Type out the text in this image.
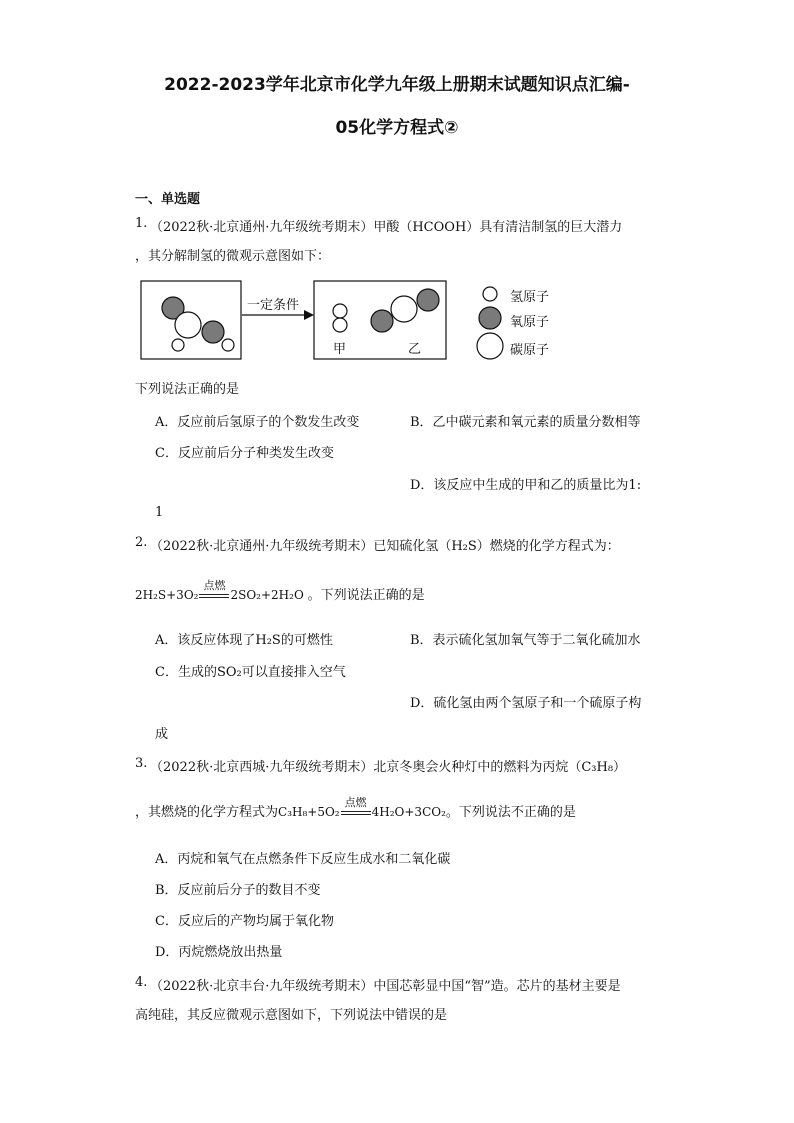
2022-2023学年北京市化学九年级上册期末试题知识点汇编-
05化学方程式②
一、单选题
1. （2022秋·北京通州·九年级统考期末）甲酸（HCOOH）具有清洁制氢的巨大潜力
，其分解制氢的微观示意图如下：
一定条件
甲	乙
氢原子
氧原子
碳原子
下列说法正确的是
A．反应前后氢原子的个数发生改变	B．乙中碳元素和氧元素的质量分数相等
C．反应前后分子种类发生改变
D．该反应中生成的甲和乙的质量比为1:
1
2. （2022秋·北京通州·九年级统考期末）已知硫化氢（H₂S）燃烧的化学方程式为：
2H₂S+3O₂
点燃
2SO₂+2H₂O 。下列说法正确的是
A．该反应体现了H₂S的可燃性	B．表示硫化氢加氧气等于二氧化硫加水
C．生成的SO₂可以直接排入空气
D．硫化氢由两个氢原子和一个硫原子构
成
3. （2022秋·北京西城·九年级统考期末）北京冬奥会火种灯中的燃料为丙烷（C₃H₈）
，其燃烧的化学方程式为C₃H₈+5O₂
点燃
4H₂O+3CO₂。下列说法不正确的是
A．丙烷和氧气在点燃条件下反应生成水和二氧化碳
B．反应前后分子的数目不变
C．反应后的产物均属于氧化物
D．丙烷燃烧放出热量
4. （2022秋·北京丰台·九年级统考期末）中国芯彰显中国“智”造。芯片的基材主要是
高纯硅，其反应微观示意图如下，下列说法中错误的是
